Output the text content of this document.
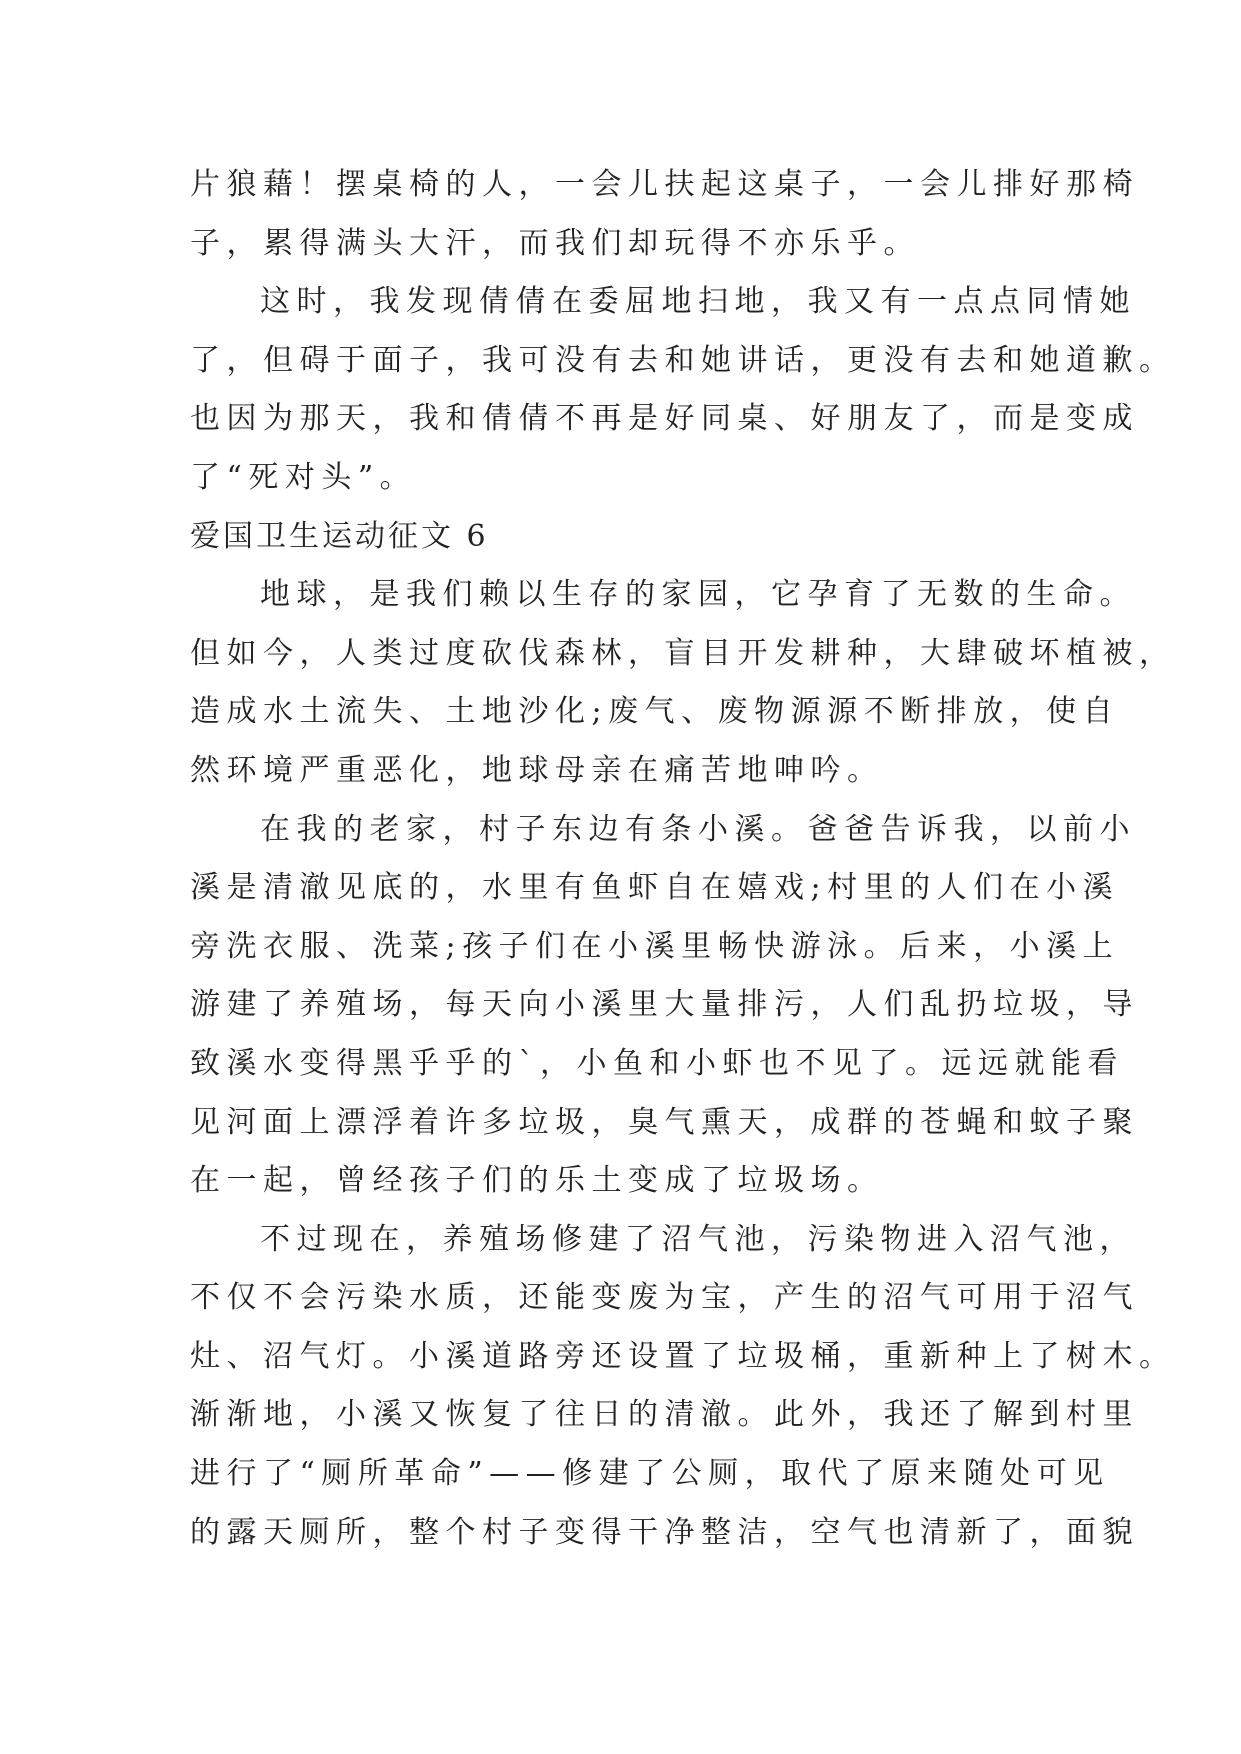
片狼藉！摆桌椅的人，一会儿扶起这桌子，一会儿排好那椅
子，累得满头大汗，而我们却玩得不亦乐乎。
这时，我发现倩倩在委屈地扫地，我又有一点点同情她
了，但碍于面子，我可没有去和她讲话，更没有去和她道歉。
也因为那天，我和倩倩不再是好同桌、好朋友了，而是变成
了“死对头”。
爱国卫生运动征文 6
地球，是我们赖以生存的家园，它孕育了无数的生命。
但如今，人类过度砍伐森林，盲目开发耕种，大肆破坏植被，
造成水土流失、土地沙化;废气、废物源源不断排放，使自
然环境严重恶化，地球母亲在痛苦地呻吟。
在我的老家，村子东边有条小溪。爸爸告诉我，以前小
溪是清澈见底的，水里有鱼虾自在嬉戏;村里的人们在小溪
旁洗衣服、洗菜;孩子们在小溪里畅快游泳。后来，小溪上
游建了养殖场，每天向小溪里大量排污，人们乱扔垃圾，导
致溪水变得黑乎乎的`，小鱼和小虾也不见了。远远就能看
见河面上漂浮着许多垃圾，臭气熏天，成群的苍蝇和蚊子聚
在一起，曾经孩子们的乐土变成了垃圾场。
不过现在，养殖场修建了沼气池，污染物进入沼气池，
不仅不会污染水质，还能变废为宝，产生的沼气可用于沼气
灶、沼气灯。小溪道路旁还设置了垃圾桶，重新种上了树木。
渐渐地，小溪又恢复了往日的清澈。此外，我还了解到村里
进行了“厕所革命”——修建了公厕，取代了原来随处可见
的露天厕所，整个村子变得干净整洁，空气也清新了，面貌
